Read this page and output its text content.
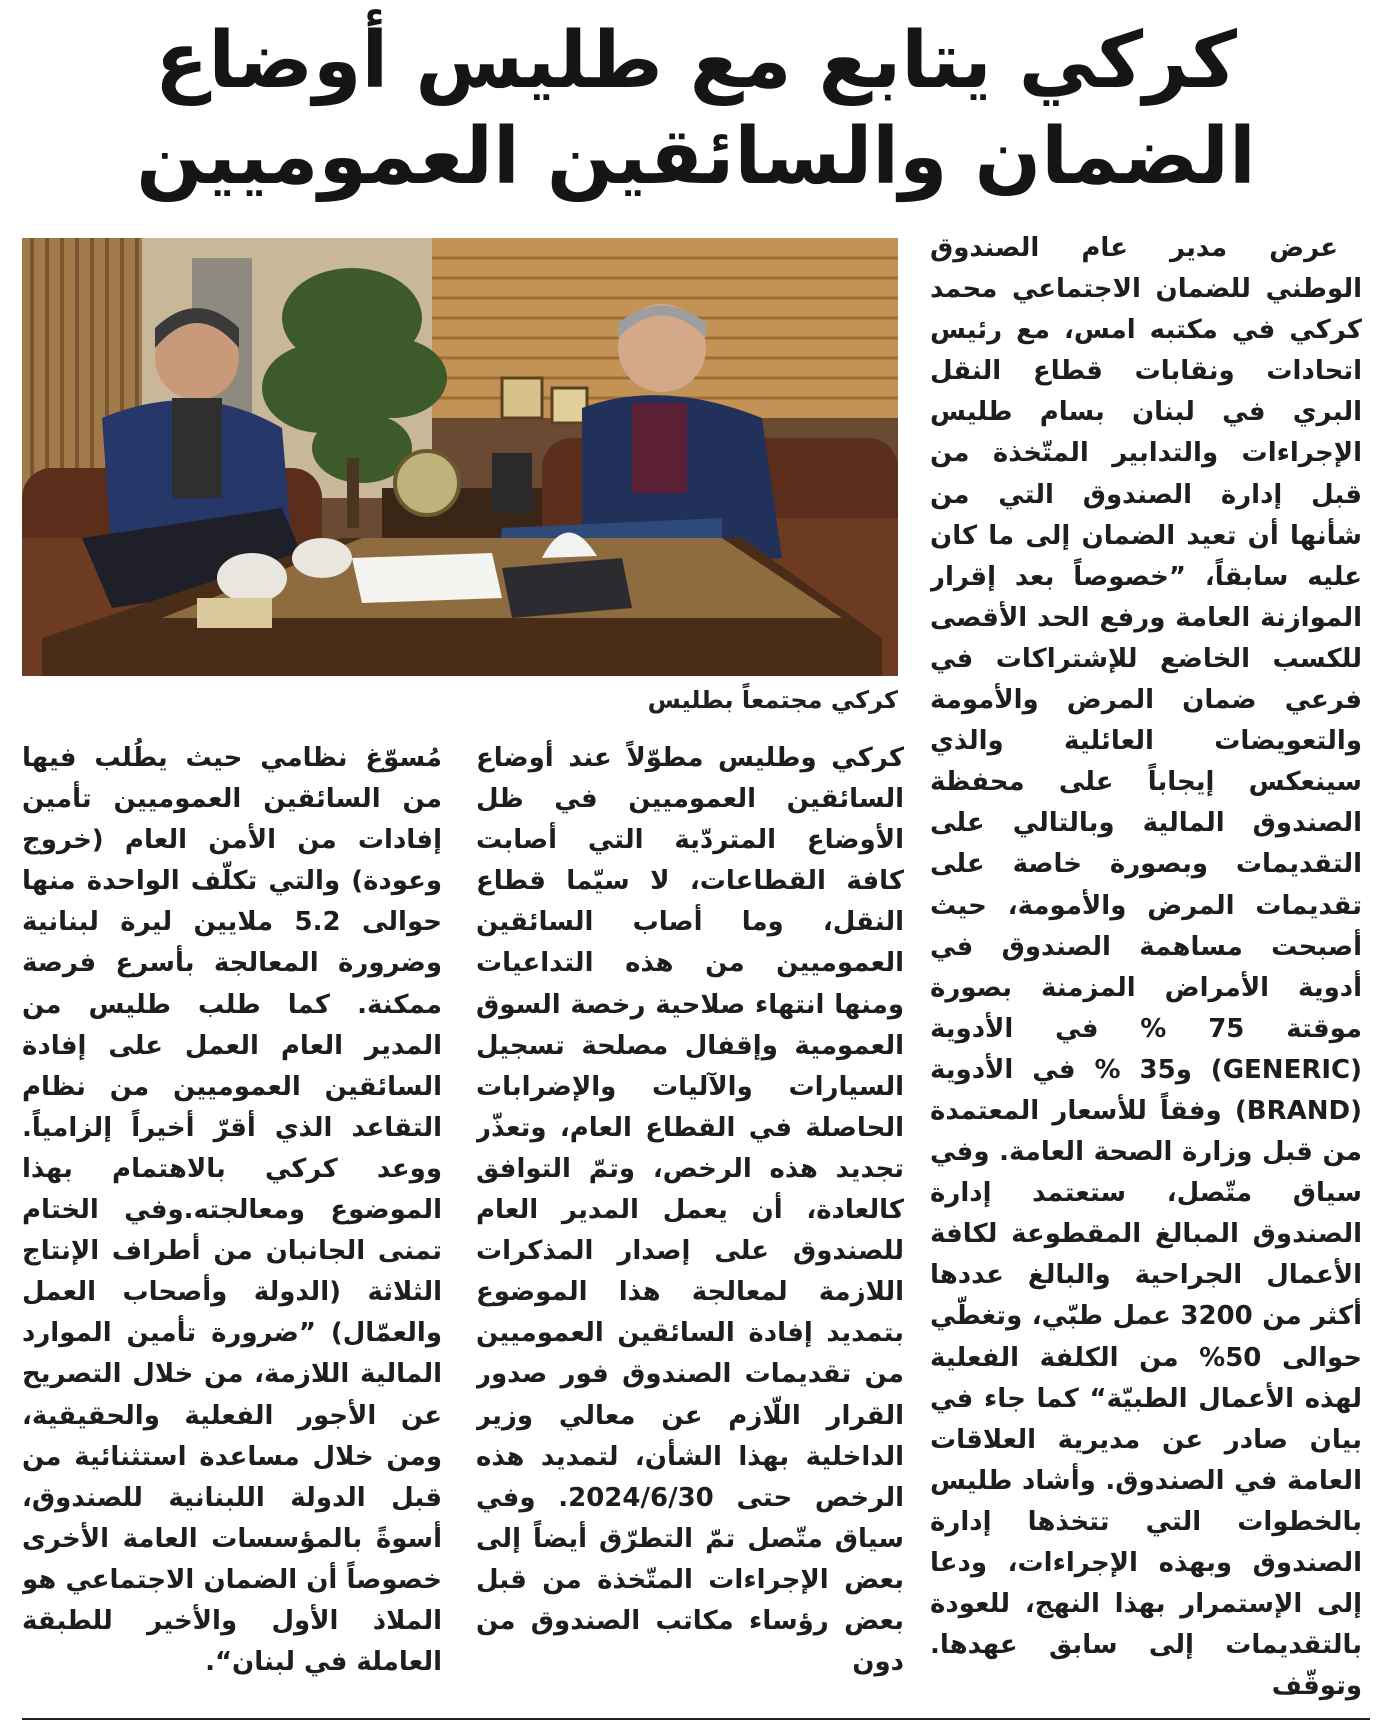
كركي يتابع مع طليس أوضاع
الضمان والسائقين العموميين
كركي مجتمعاً بطليس

عرض مدير عام الصندوق الوطني للضمان الاجتماعي محمد كركي في مكتبه امس، مع رئيس اتحادات ونقابات قطاع النقل البري في لبنان بسام طليس الإجراءات والتدابير المتّخذة من قبل إدارة الصندوق التي من شأنها أن تعيد الضمان إلى ما كان عليه سابقاً، ”خصوصاً بعد إقرار الموازنة العامة ورفع الحد الأقصى للكسب الخاضع للإشتراكات في فرعي ضمان المرض والأمومة والتعويضات العائلية والذي سينعكس إيجاباً على محفظة الصندوق المالية وبالتالي على التقديمات وبصورة خاصة على تقديمات المرض والأمومة، حيث أصبحت مساهمة الصندوق في أدوية الأمراض المزمنة بصورة موقتة 75 % في الأدوية (GENERIC) و35 % في الأدوية (BRAND) وفقاً للأسعار المعتمدة من قبل وزارة الصحة العامة. وفي سياق متّصل، ستعتمد إدارة الصندوق المبالغ المقطوعة لكافة الأعمال الجراحية والبالغ عددها أكثر من 3200 عمل طبّي، وتغطّي حوالى 50% من الكلفة الفعلية لهذه الأعمال الطبيّة“ كما جاء في بيان صادر عن مديرية العلاقات العامة في الصندوق. وأشاد طليس بالخطوات التي تتخذها إدارة الصندوق وبهذه الإجراءات، ودعا إلى الإستمرار بهذا النهج، للعودة بالتقديمات إلى سابق عهدها. وتوقّف

كركي وطليس مطوّلاً عند أوضاع السائقين العموميين في ظل الأوضاع المتردّية التي أصابت كافة القطاعات، لا سيّما قطاع النقل، وما أصاب السائقين العموميين من هذه التداعيات ومنها انتهاء صلاحية رخصة السوق العمومية وإقفال مصلحة تسجيل السيارات والآليات والإضرابات الحاصلة في القطاع العام، وتعذّر تجديد هذه الرخص، وتمّ التوافق كالعادة، أن يعمل المدير العام للصندوق على إصدار المذكرات اللازمة لمعالجة هذا الموضوع بتمديد إفادة السائقين العموميين من تقديمات الصندوق فور صدور القرار اللّازم عن معالي وزير الداخلية بهذا الشأن، لتمديد هذه الرخص حتى 2024/6/30. وفي سياق متّصل تمّ التطرّق أيضاً إلى بعض الإجراءات المتّخذة من قبل بعض رؤساء مكاتب الصندوق من دون

مُسوّغ نظامي حيث يطُلب فيها من السائقين العموميين تأمين إفادات من الأمن العام (خروج وعودة) والتي تكلّف الواحدة منها حوالى 5.2 ملايين ليرة لبنانية وضرورة المعالجة بأسرع فرصة ممكنة. كما طلب طليس من المدير العام العمل على إفادة السائقين العموميين من نظام التقاعد الذي أقرّ أخيراً إلزامياً. ووعد كركي بالاهتمام بهذا الموضوع ومعالجته.وفي الختام تمنى الجانبان من أطراف الإنتاج الثلاثة (الدولة وأصحاب العمل والعمّال) ”ضرورة تأمين الموارد المالية اللازمة، من خلال التصريح عن الأجور الفعلية والحقيقية، ومن خلال مساعدة استثنائية من قبل الدولة اللبنانية للصندوق، أسوةً بالمؤسسات العامة الأخرى خصوصاً أن الضمان الاجتماعي هو الملاذ الأول والأخير للطبقة العاملة في لبنان“.
